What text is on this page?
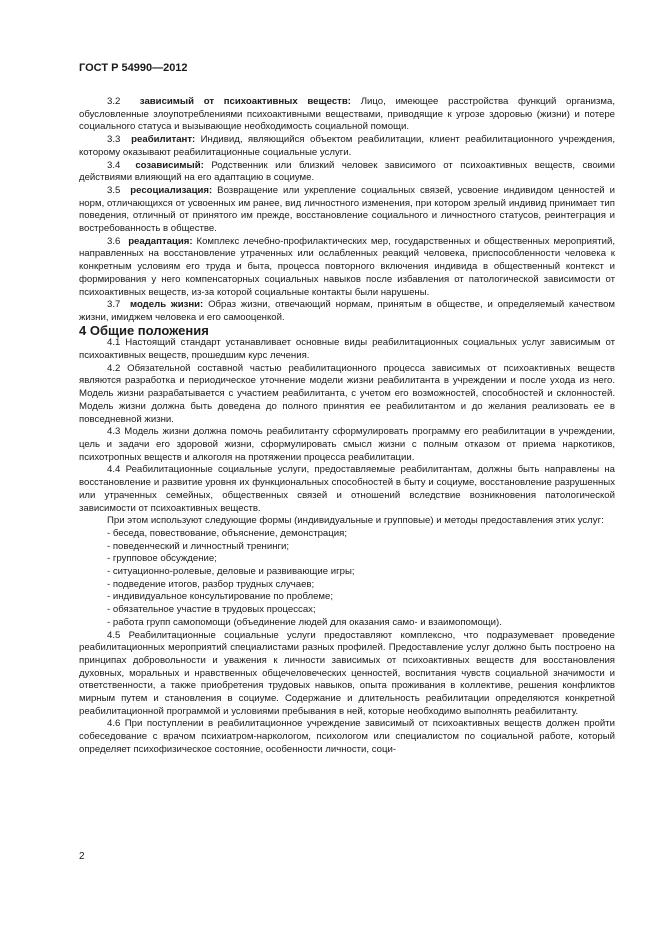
ГОСТ Р 54990—2012

3.2 зависимый от психоактивных веществ: Лицо, имеющее расстройства функций организма, обусловленные злоупотреблениями психоактивными веществами, приводящие к угрозе здоровью (жизни) и потере социального статуса и вызывающие необходимость социальной помощи.

3.3 реабилитант: Индивид, являющийся объектом реабилитации, клиент реабилитационного учреждения, которому оказывают реабилитационные социальные услуги.

3.4 созависимый: Родственник или близкий человек зависимого от психоактивных веществ, своими действиями влияющий на его адаптацию в социуме.

3.5 ресоциализация: Возвращение или укрепление социальных связей, усвоение индивидом ценностей и норм, отличающихся от усвоенных им ранее, вид личностного изменения, при котором зрелый индивид принимает тип поведения, отличный от принятого им прежде, восстановление социального и личностного статусов, реинтеграция и востребованность в обществе.

3.6 реадаптация: Комплекс лечебно-профилактических мер, государственных и общественных мероприятий, направленных на восстановление утраченных или ослабленных реакций человека, приспособленности человека к конкретным условиям его труда и быта, процесса повторного включения индивида в общественный контекст и формирования у него компенсаторных социальных навыков после избавления от патологической зависимости от психоактивных веществ, из-за которой социальные контакты были нарушены.

3.7 модель жизни: Образ жизни, отвечающий нормам, принятым в обществе, и определяемый качеством жизни, имиджем человека и его самооценкой.

4 Общие положения

4.1 Настоящий стандарт устанавливает основные виды реабилитационных социальных услуг зависимым от психоактивных веществ, прошедшим курс лечения.

4.2 Обязательной составной частью реабилитационного процесса зависимых от психоактивных веществ являются разработка и периодическое уточнение модели жизни реабилитанта в учреждении и после ухода из него. Модель жизни разрабатывается с участием реабилитанта, с учетом его возможностей, способностей и склонностей. Модель жизни должна быть доведена до полного принятия ее реабилитантом и до желания реализовать ее в повседневной жизни.

4.3 Модель жизни должна помочь реабилитанту сформулировать программу его реабилитации в учреждении, цель и задачи его здоровой жизни, сформулировать смысл жизни с полным отказом от приема наркотиков, психотропных веществ и алкоголя на протяжении процесса реабилитации.

4.4 Реабилитационные социальные услуги, предоставляемые реабилитантам, должны быть направлены на восстановление и развитие уровня их функциональных способностей в быту и социуме, восстановление разрушенных или утраченных семейных, общественных связей и отношений вследствие возникновения патологической зависимости от психоактивных веществ.

При этом используют следующие формы (индивидуальные и групповые) и методы предоставления этих услуг:

- беседа, повествование, объяснение, демонстрация;
- поведенческий и личностный тренинги;
- групповое обсуждение;
- ситуационно-ролевые, деловые и развивающие игры;
- подведение итогов, разбор трудных случаев;
- индивидуальное консультирование по проблеме;
- обязательное участие в трудовых процессах;
- работа групп самопомощи (объединение людей для оказания само- и взаимопомощи).

4.5 Реабилитационные социальные услуги предоставляют комплексно, что подразумевает проведение реабилитационных мероприятий специалистами разных профилей. Предоставление услуг должно быть построено на принципах добровольности и уважения к личности зависимых от психоактивных веществ для восстановления духовных, моральных и нравственных общечеловеческих ценностей, воспитания чувств социальной значимости и ответственности, а также приобретения трудовых навыков, опыта проживания в коллективе, решения конфликтов мирным путем и становления в социуме. Содержание и длительность реабилитации определяются конкретной реабилитационной программой и условиями пребывания в ней, которые необходимо выполнять реабилитанту.

4.6 При поступлении в реабилитационное учреждение зависимый от психоактивных веществ должен пройти собеседование с врачом психиатром-наркологом, психологом или специалистом по социальной работе, который определяет психофизическое состояние, особенности личности, соци-

2
